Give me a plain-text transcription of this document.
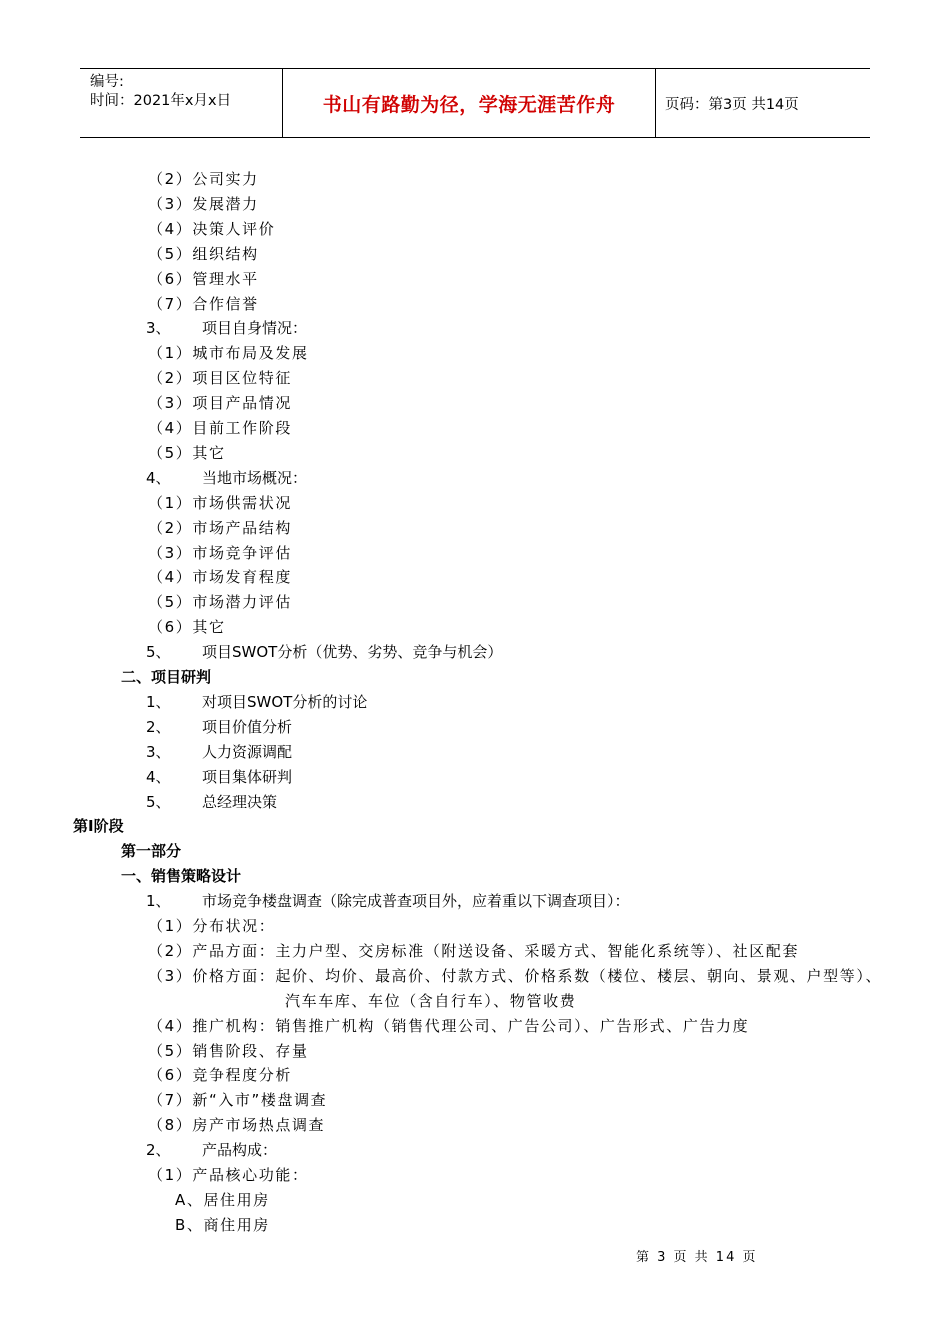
编号:
时间：2021年x月x日	书山有路勤为径，学海无涯苦作舟	页码：第3页 共14页
（2）公司实力
（3）发展潜力
（4）决策人评价
（5）组织结构
（6）管理水平
（7）合作信誉
3、 项目自身情况：
（1）城市布局及发展
（2）项目区位特征
（3）项目产品情况
（4）目前工作阶段
（5）其它
4、 当地市场概况：
（1）市场供需状况
（2）市场产品结构
（3）市场竞争评估
（4）市场发育程度
（5）市场潜力评估
（6）其它
5、 项目SWOT分析（优势、劣势、竞争与机会）
二、项目研判
1、 对项目SWOT分析的讨论
2、 项目价值分析
3、 人力资源调配
4、 项目集体研判
5、 总经理决策
第Ⅰ阶段
第一部分
一、销售策略设计
1、 市场竞争楼盘调查（除完成普查项目外，应着重以下调查项目）：
（1）分布状况：
（2）产品方面：主力户型、交房标准（附送设备、采暖方式、智能化系统等）、社区配套
（3）价格方面：起价、均价、最高价、付款方式、价格系数（楼位、楼层、朝向、景观、户型等）、
汽车车库、车位（含自行车）、物管收费
（4）推广机构：销售推广机构（销售代理公司、广告公司）、广告形式、广告力度
（5）销售阶段、存量
（6）竞争程度分析
（7）新“入市”楼盘调查
（8）房产市场热点调查
2、 产品构成：
（1）产品核心功能：
A、居住用房
B、商住用房
第 3 页 共 14 页
